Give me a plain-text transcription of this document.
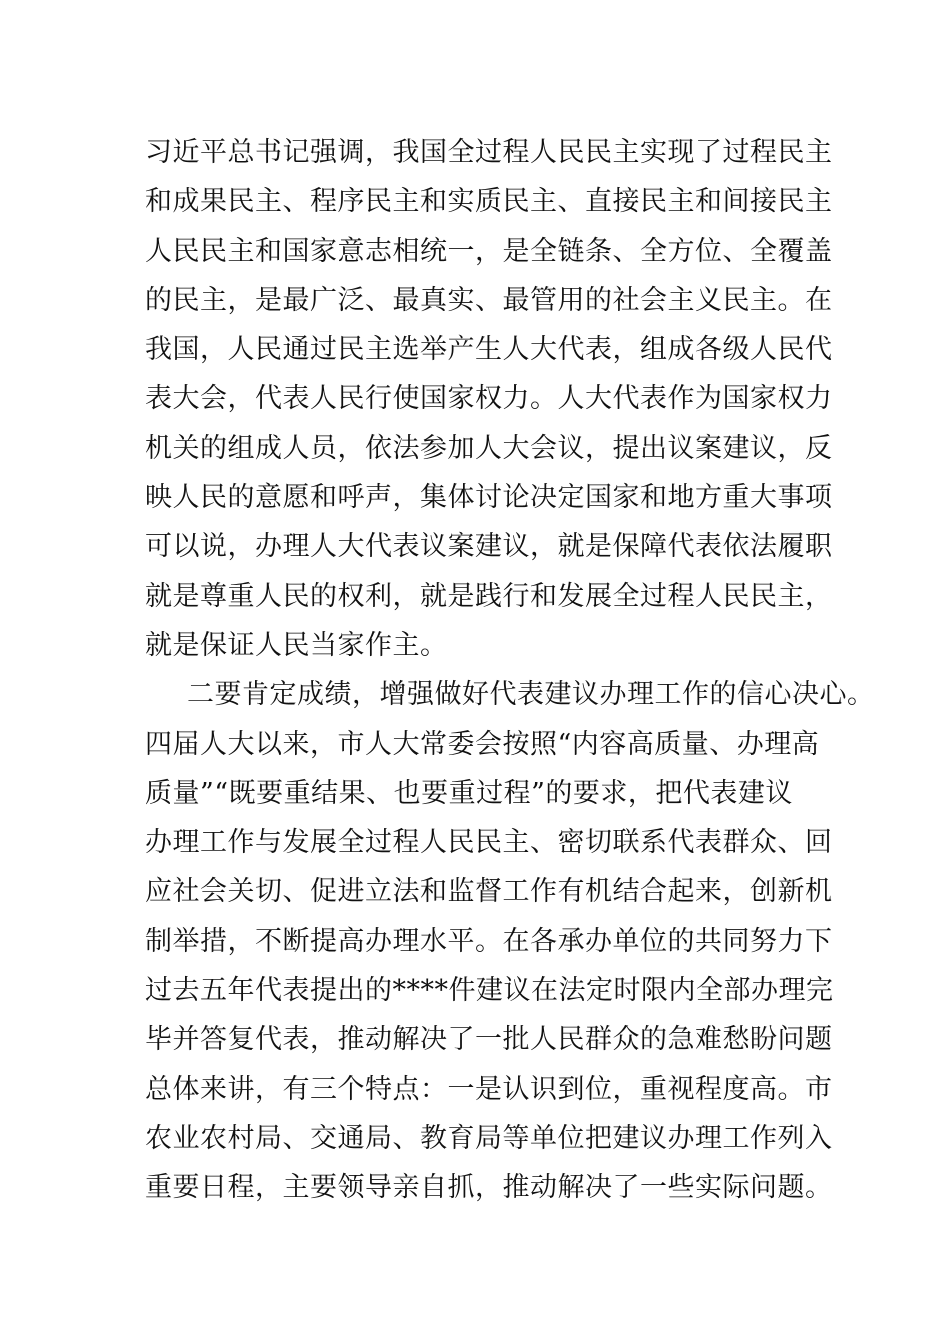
习近平总书记强调，我国全过程人民民主实现了过程民主
和成果民主、程序民主和实质民主、直接民主和间接民主
人民民主和国家意志相统一，是全链条、全方位、全覆盖
的民主，是最广泛、最真实、最管用的社会主义民主。在
我国，人民通过民主选举产生人大代表，组成各级人民代
表大会，代表人民行使国家权力。人大代表作为国家权力
机关的组成人员，依法参加人大会议，提出议案建议，反
映人民的意愿和呼声，集体讨论决定国家和地方重大事项
可以说，办理人大代表议案建议，就是保障代表依法履职
就是尊重人民的权利，就是践行和发展全过程人民民主，
就是保证人民当家作主。
二要肯定成绩，增强做好代表建议办理工作的信心决心。
四届人大以来，市人大常委会按照“内容高质量、办理高
质量”“既要重结果、也要重过程”的要求，把代表建议
办理工作与发展全过程人民民主、密切联系代表群众、回
应社会关切、促进立法和监督工作有机结合起来，创新机
制举措，不断提高办理水平。在各承办单位的共同努力下
过去五年代表提出的****件建议在法定时限内全部办理完
毕并答复代表，推动解决了一批人民群众的急难愁盼问题
总体来讲，有三个特点：一是认识到位，重视程度高。市
农业农村局、交通局、教育局等单位把建议办理工作列入
重要日程，主要领导亲自抓，推动解决了一些实际问题。
